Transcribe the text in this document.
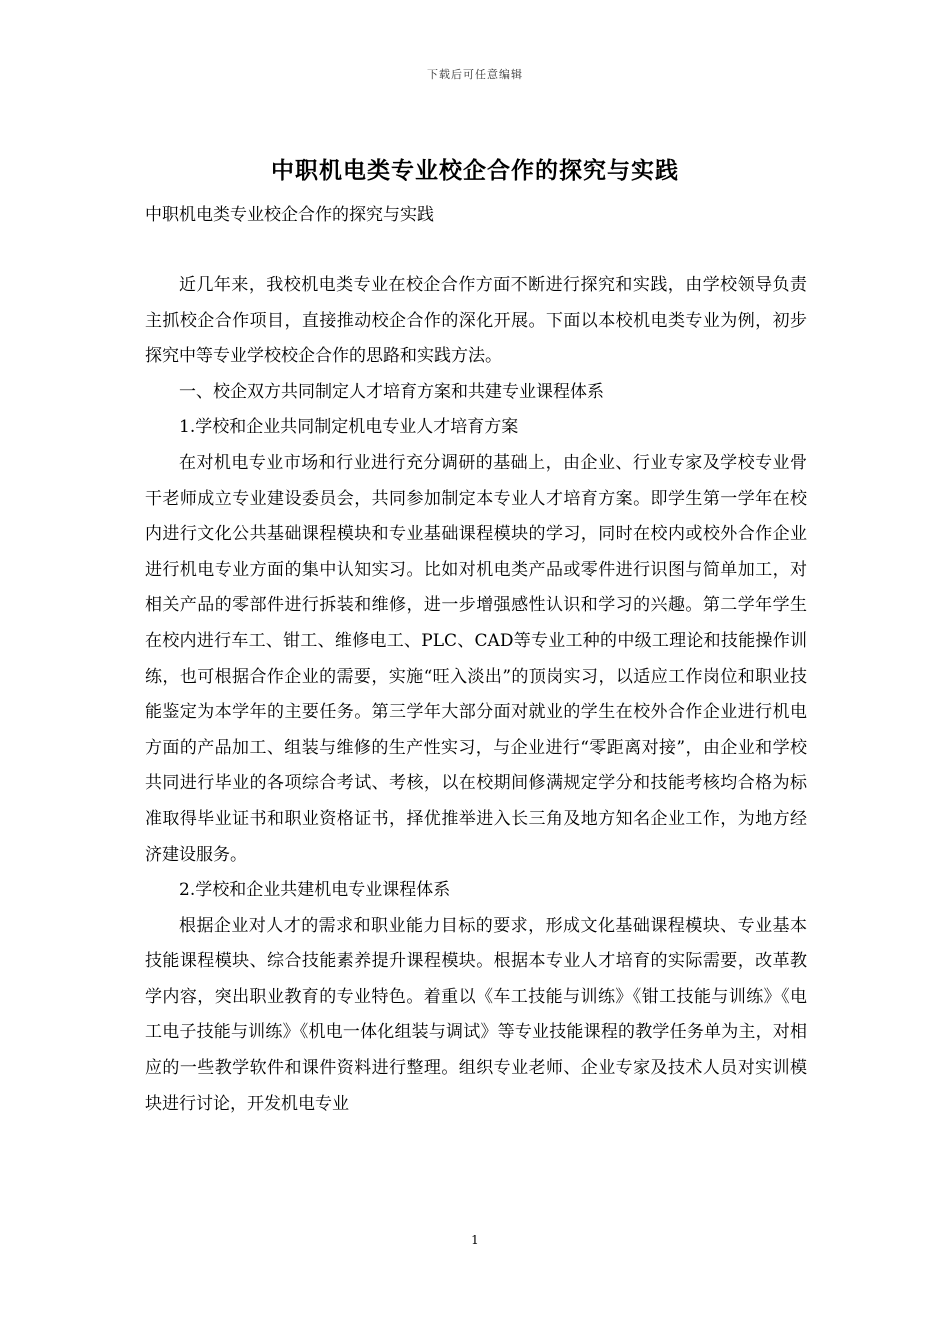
下载后可任意编辑
中职机电类专业校企合作的探究与实践
中职机电类专业校企合作的探究与实践

近几年来，我校机电类专业在校企合作方面不断进行探究和实践，由学校领导负责主抓校企合作项目，直接推动校企合作的深化开展。下面以本校机电类专业为例，初步探究中等专业学校校企合作的思路和实践方法。

一、校企双方共同制定人才培育方案和共建专业课程体系

1.学校和企业共同制定机电专业人才培育方案

在对机电专业市场和行业进行充分调研的基础上，由企业、行业专家及学校专业骨干老师成立专业建设委员会，共同参加制定本专业人才培育方案。即学生第一学年在校内进行文化公共基础课程模块和专业基础课程模块的学习，同时在校内或校外合作企业进行机电专业方面的集中认知实习。比如对机电类产品或零件进行识图与简单加工，对相关产品的零部件进行拆装和维修，进一步增强感性认识和学习的兴趣。第二学年学生在校内进行车工、钳工、维修电工、PLC、CAD等专业工种的中级工理论和技能操作训练，也可根据合作企业的需要，实施“旺入淡出”的顶岗实习，以适应工作岗位和职业技能鉴定为本学年的主要任务。第三学年大部分面对就业的学生在校外合作企业进行机电方面的产品加工、组装与维修的生产性实习，与企业进行“零距离对接”，由企业和学校共同进行毕业的各项综合考试、考核，以在校期间修满规定学分和技能考核均合格为标准取得毕业证书和职业资格证书，择优推举进入长三角及地方知名企业工作，为地方经济建设服务。

2.学校和企业共建机电专业课程体系

根据企业对人才的需求和职业能力目标的要求，形成文化基础课程模块、专业基本技能课程模块、综合技能素养提升课程模块。根据本专业人才培育的实际需要，改革教学内容，突出职业教育的专业特色。着重以《车工技能与训练》《钳工技能与训练》《电工电子技能与训练》《机电一体化组装与调试》等专业技能课程的教学任务单为主，对相应的一些教学软件和课件资料进行整理。组织专业老师、企业专家及技术人员对实训模块进行讨论，开发机电专业

1
